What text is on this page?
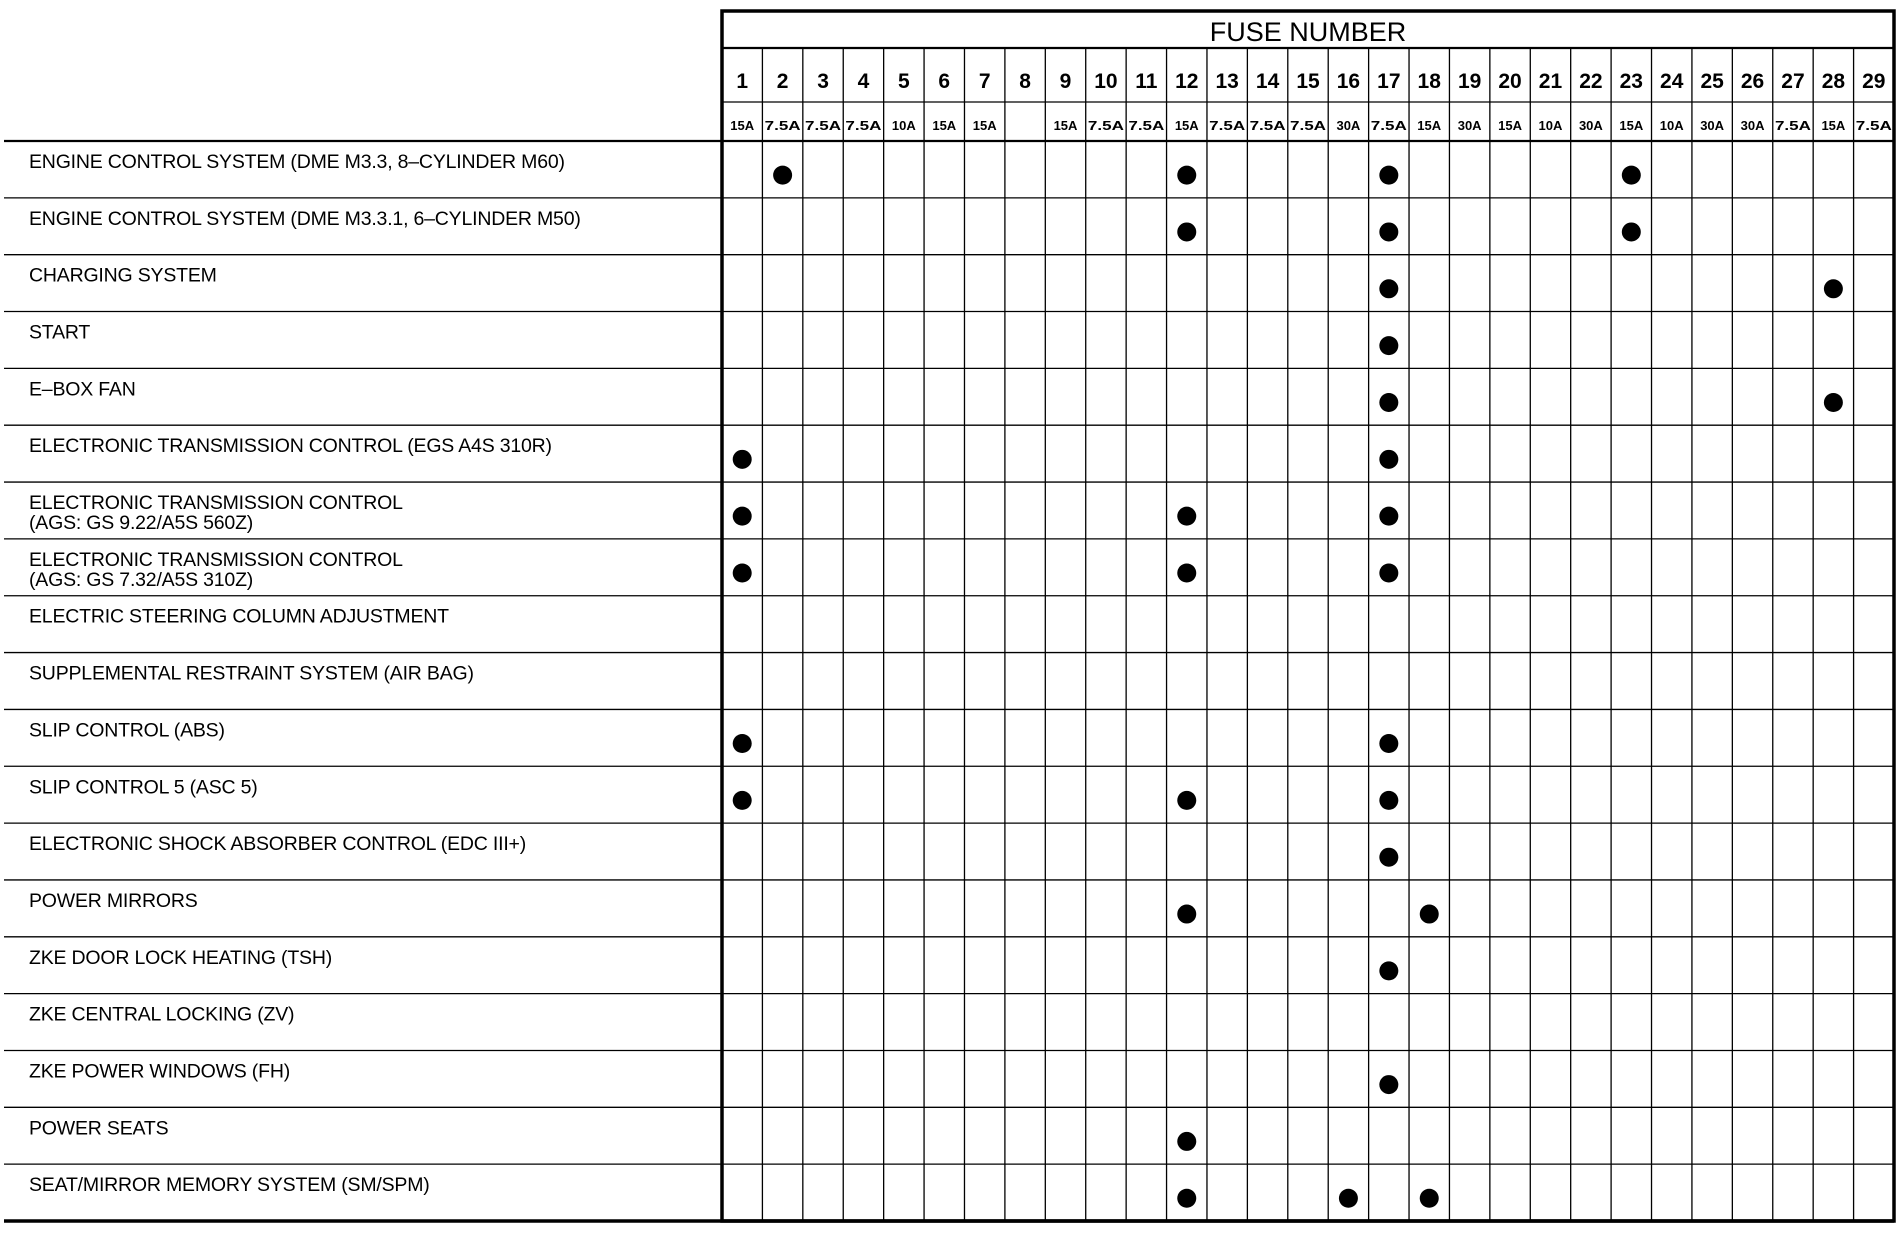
FUSE NUMBER
1
15A
2
7.5A
3
7.5A
4
7.5A
5
10A
6
15A
7
15A
8 9
15A
10
7.5A
11
7.5A
12
15A
13
7.5A
14
7.5A
15
7.5A
16
30A
17
7.5A
18
15A
19
30A
20
15A
21
10A
22
30A
23
15A
24
10A
25
30A
26
30A
27
7.5A
28
15A
29
7.5A
ENGINE CONTROL SYSTEM (DME M3.3, 8–CYLINDER M60)
ENGINE CONTROL SYSTEM (DME M3.3.1, 6–CYLINDER M50)
CHARGING SYSTEM
START
E–BOX FAN
ELECTRONIC TRANSMISSION CONTROL (EGS A4S 310R)
ELECTRONIC TRANSMISSION CONTROL
(AGS: GS 9.22/A5S 560Z)
ELECTRONIC TRANSMISSION CONTROL
(AGS: GS 7.32/A5S 310Z)
ELECTRIC STEERING COLUMN ADJUSTMENT
SUPPLEMENTAL RESTRAINT SYSTEM (AIR BAG)
SLIP CONTROL (ABS)
SLIP CONTROL 5 (ASC 5)
ELECTRONIC SHOCK ABSORBER CONTROL (EDC III+)
POWER MIRRORS
ZKE DOOR LOCK HEATING (TSH)
ZKE CENTRAL LOCKING (ZV)
ZKE POWER WINDOWS (FH)
POWER SEATS
SEAT/MIRROR MEMORY SYSTEM (SM/SPM)
